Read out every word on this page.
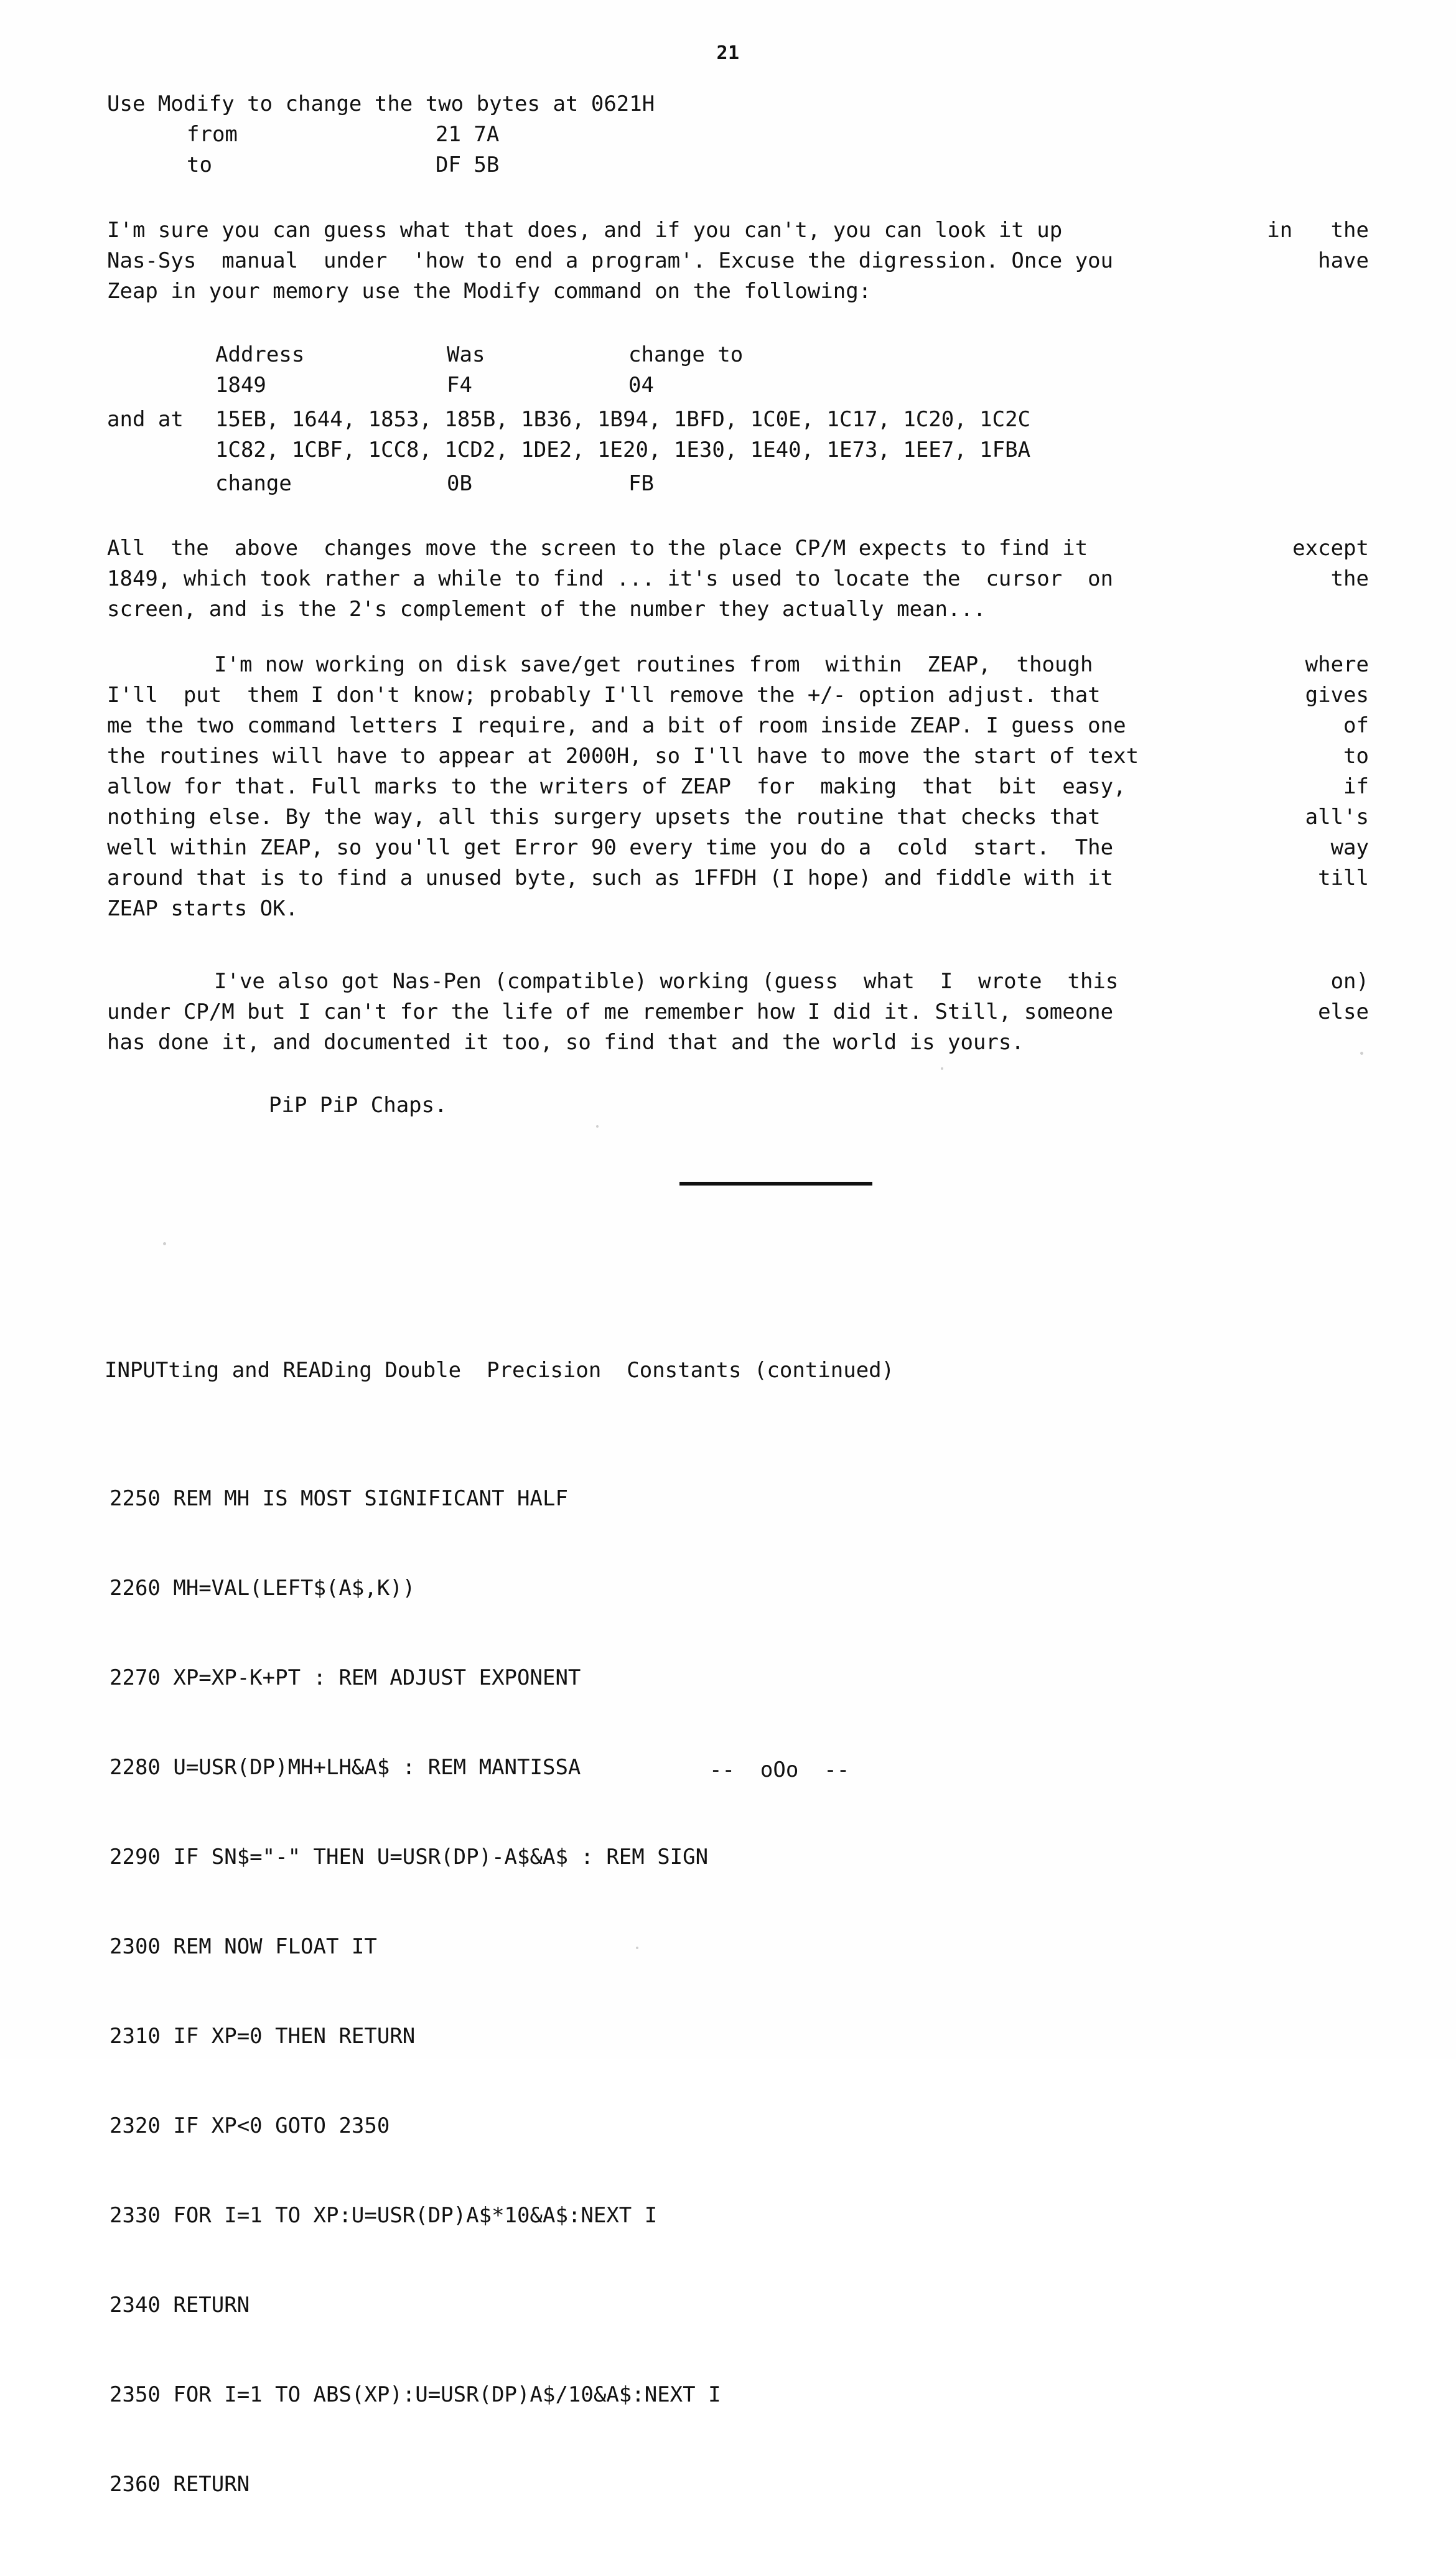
21
Use Modify to change the two bytes at 0621H
from	21 7A
to	DF 5B
I'm sure you can guess what that does, and if you can't, you can look it up	in   the
Nas-Sys  manual  under  'how to end a program'. Excuse the digression. Once you	have
Zeap in your memory use the Modify command on the following:
Address	Was	change to
1849	F4	04
and at 15EB, 1644, 1853, 185B, 1B36, 1B94, 1BFD, 1C0E, 1C17, 1C20, 1C2C
1C82, 1CBF, 1CC8, 1CD2, 1DE2, 1E20, 1E30, 1E40, 1E73, 1EE7, 1FBA
change	0B	FB
All  the  above  changes move the screen to the place CP/M expects to find it	except
1849, which took rather a while to find ... it's used to locate the  cursor  on	the
screen, and is the 2's complement of the number they actually mean...
I'm now working on disk save/get routines from  within  ZEAP,  though	where
I'll  put  them I don't know; probably I'll remove the +/- option adjust. that	gives
me the two command letters I require, and a bit of room inside ZEAP. I guess one	of
the routines will have to appear at 2000H, so I'll have to move the start of text	to
allow for that. Full marks to the writers of ZEAP  for  making  that  bit  easy,	if
nothing else. By the way, all this surgery upsets the routine that checks that	all's
well within ZEAP, so you'll get Error 90 every time you do a  cold  start.  The	way
around that is to find a unused byte, such as 1FFDH (I hope) and fiddle with it	till
ZEAP starts OK.
I've also got Nas-Pen (compatible) working (guess  what  I  wrote  this	on)
under CP/M but I can't for the life of me remember how I did it. Still, someone	else
has done it, and documented it too, so find that and the world is yours.
PiP PiP Chaps.
INPUTting and READing Double  Precision  Constants (continued)

2250 REM MH IS MOST SIGNIFICANT HALF

2260 MH=VAL(LEFT$(A$,K))

2270 XP=XP-K+PT : REM ADJUST EXPONENT

2280 U=USR(DP)MH+LH&A$ : REM MANTISSA

2290 IF SN$="-" THEN U=USR(DP)-A$&A$ : REM SIGN

2300 REM NOW FLOAT IT

2310 IF XP=0 THEN RETURN

2320 IF XP<0 GOTO 2350

2330 FOR I=1 TO XP:U=USR(DP)A$*10&A$:NEXT I

2340 RETURN

2350 FOR I=1 TO ABS(XP):U=USR(DP)A$/10&A$:NEXT I

2360 RETURN

--  oOo  --
